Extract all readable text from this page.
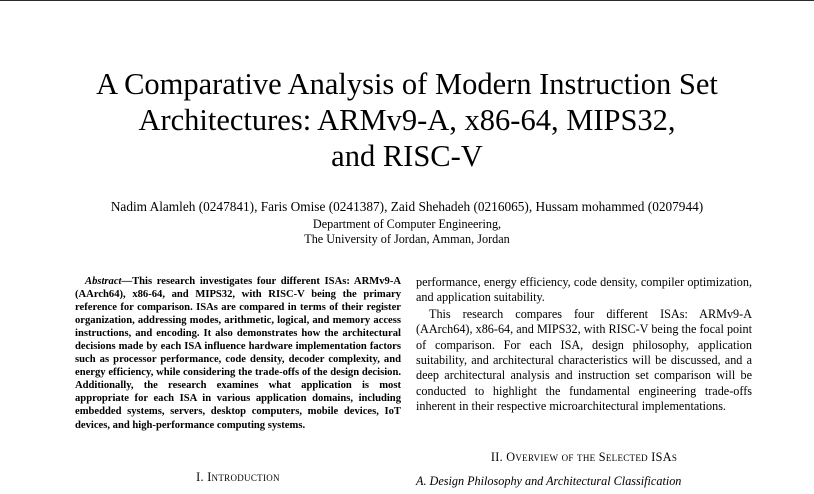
A Comparative Analysis of Modern Instruction Set
Architectures: ARMv9-A, x86-64, MIPS32,
and RISC-V

Nadim Alamleh (0247841), Faris Omise (0241387), Zaid Shehadeh (0216065), Hussam mohammed (0207944)

Department of Computer Engineering,
The University of Jordan, Amman, Jordan

Abstract—This research investigates four different ISAs: ARMv9-A (AArch64), x86-64, and MIPS32, with RISC-V being the primary reference for comparison. ISAs are compared in terms of their register organization, addressing modes, arithmetic, logical, and memory access instructions, and encoding. It also demonstrates how the architectural decisions made by each ISA influence hardware implementation factors such as processor performance, code density, decoder complexity, and energy efficiency, while considering the trade-offs of the design decision. Additionally, the research examines what application is most appropriate for each ISA in various application domains, including embedded systems, servers, desktop computers, mobile devices, IoT devices, and high-performance computing systems.

I. Introduction

performance, energy efficiency, code density, compiler optimization, and application suitability.

This research compares four different ISAs: ARMv9-A (AArch64), x86-64, and MIPS32, with RISC-V being the focal point of comparison. For each ISA, design philosophy, application suitability, and architectural characteristics will be discussed, and a deep architectural analysis and instruction set comparison will be conducted to highlight the fundamental engineering trade-offs inherent in their respective microarchitectural implementations.

II. Overview of the Selected ISAs

A. Design Philosophy and Architectural Classification
